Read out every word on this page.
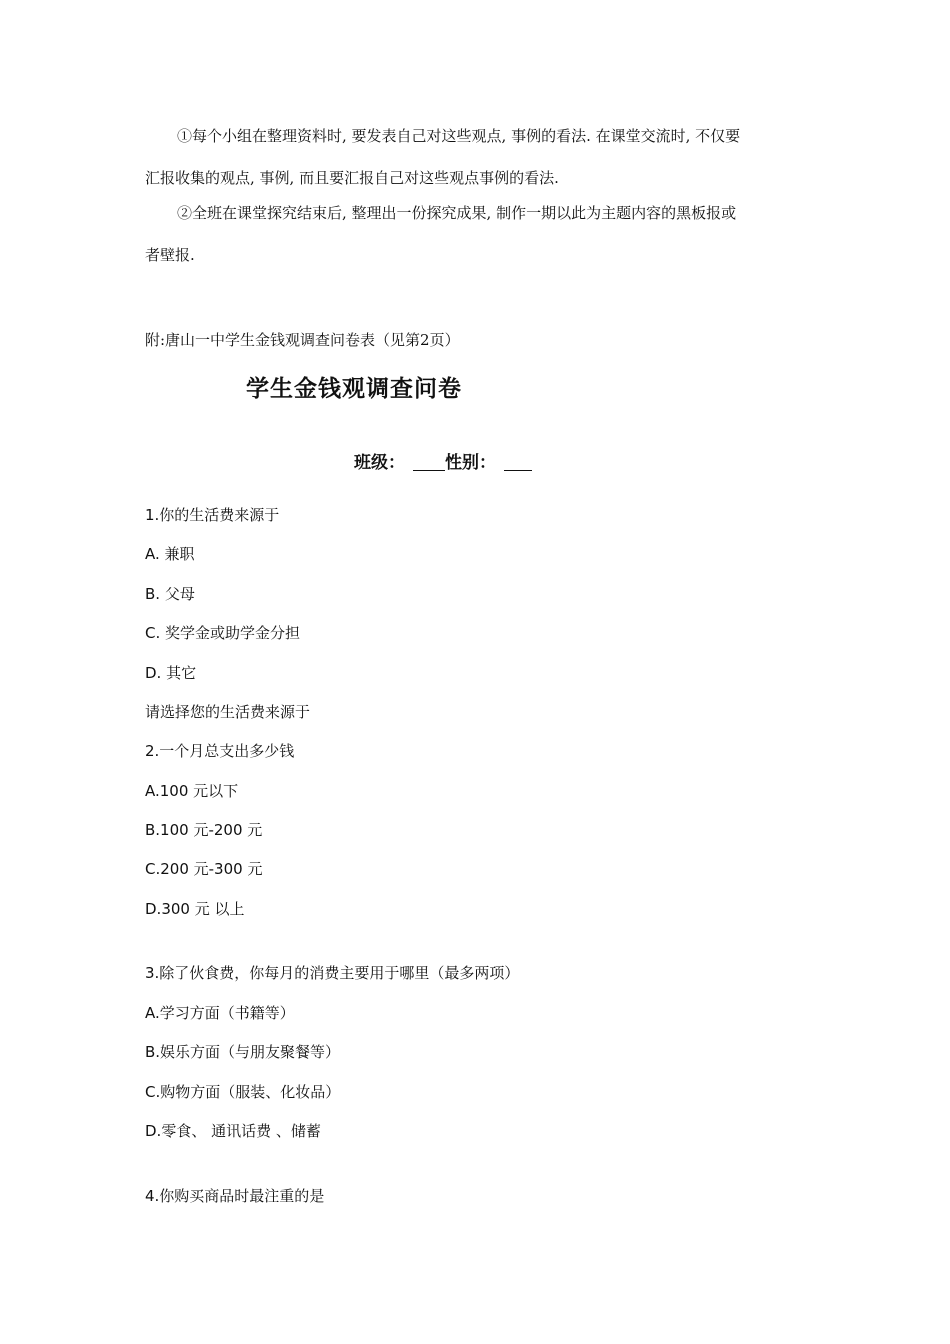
①每个小组在整理资料时, 要发表自己对这些观点, 事例的看法. 在课堂交流时, 不仅要
汇报收集的观点, 事例, 而且要汇报自己对这些观点事例的看法.
②全班在课堂探究结束后, 整理出一份探究成果, 制作一期以此为主题内容的黑板报或
者壁报.
附:唐山一中学生金钱观调查问卷表（见第2页）
学生金钱观调查问卷
班级： 性别：
1.你的生活费来源于
A. 兼职
B. 父母
C. 奖学金或助学金分担
D. 其它
请选择您的生活费来源于
2.一个月总支出多少钱
A.100 元以下
B.100 元-200 元
C.200 元-300 元
D.300 元 以上
3.除了伙食费，你每月的消费主要用于哪里（最多两项）
A.学习方面（书籍等）
B.娱乐方面（与朋友聚餐等）
C.购物方面（服装、化妆品）
D.零食、 通讯话费 、储蓄
4.你购买商品时最注重的是
